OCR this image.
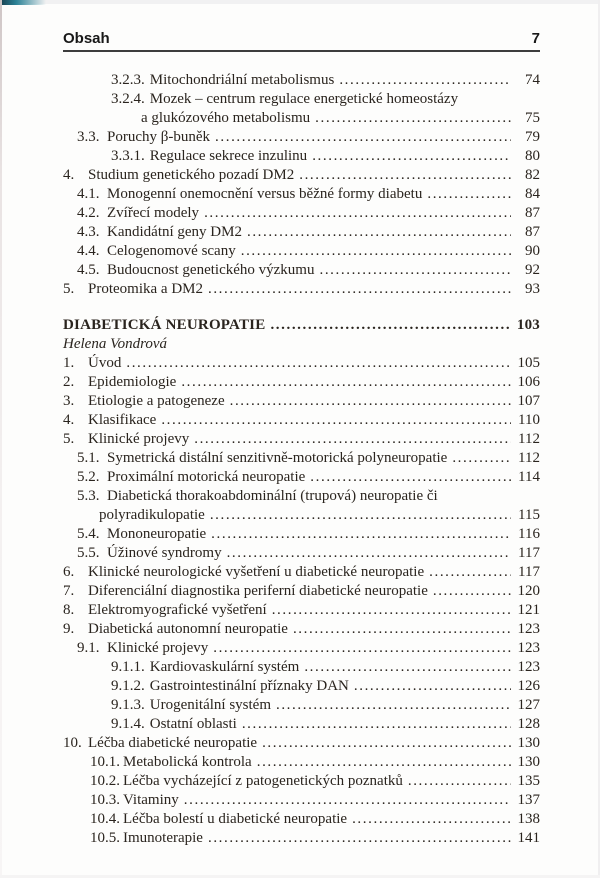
Obsah	7
3.2.3. Mitochondriální metabolismus .....	74
3.2.4. Mozek – centrum regulace energetické homeostázy
a glukózového metabolismu .....	75
3.3. Poruchy β-buněk .....	79
3.3.1. Regulace sekrece inzulinu .....	80
4. Studium genetického pozadí DM2 .....	82
4.1. Monogenní onemocnění versus běžné formy diabetu .....	84
4.2. Zvířecí modely .....	87
4.3. Kandidátní geny DM2 .....	87
4.4. Celogenomové scany .....	90
4.5. Budoucnost genetického výzkumu .....	92
5. Proteomika a DM2 .....	93
DIABETICKÁ NEUROPATIE .....	103
Helena Vondrová
1. Úvod .....	105
2. Epidemiologie .....	106
3. Etiologie a patogeneze .....	107
4. Klasifikace .....	110
5. Klinické projevy .....	112
5.1. Symetrická distální senzitivně-motorická polyneuropatie .....	112
5.2. Proximální motorická neuropatie .....	114
5.3. Diabetická thorakoabdominální (trupová) neuropatie či
polyradikulopatie .....	115
5.4. Mononeuropatie .....	116
5.5. Úžinové syndromy .....	117
6. Klinické neurologické vyšetření u diabetické neuropatie .....	117
7. Diferenciální diagnostika periferní diabetické neuropatie .....	120
8. Elektromyografické vyšetření .....	121
9. Diabetická autonomní neuropatie .....	123
9.1. Klinické projevy .....	123
9.1.1. Kardiovaskulární systém .....	123
9.1.2. Gastrointestinální příznaky DAN .....	126
9.1.3. Urogenitální systém .....	127
9.1.4. Ostatní oblasti .....	128
10. Léčba diabetické neuropatie .....	130
10.1. Metabolická kontrola .....	130
10.2. Léčba vycházející z patogenetických poznatků .....	135
10.3. Vitaminy .....	137
10.4. Léčba bolestí u diabetické neuropatie .....	138
10.5. Imunoterapie .....	141
